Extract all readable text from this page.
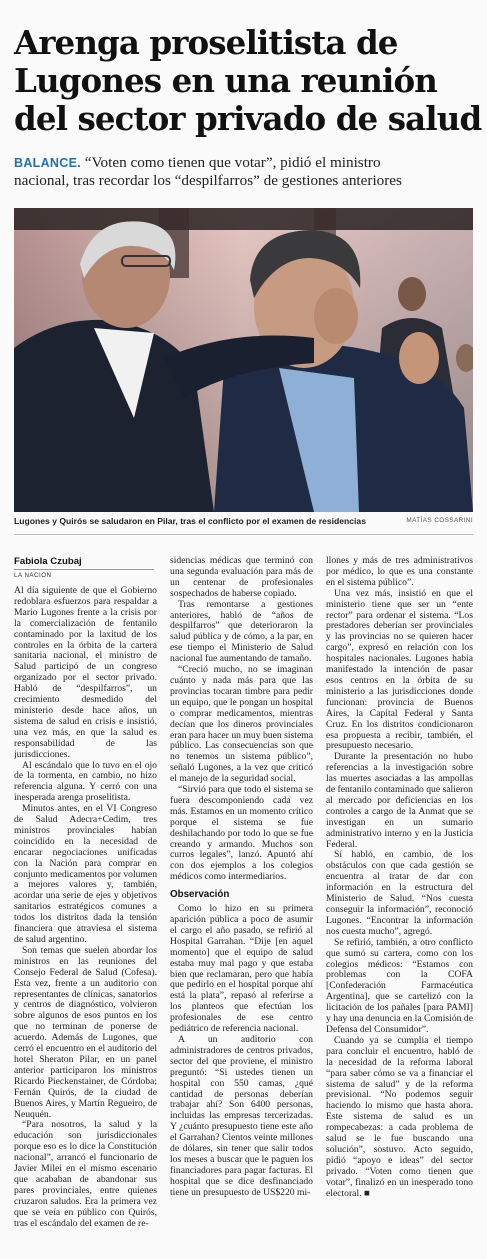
Arenga proselitista de
Lugones en una reunión
del sector privado de salud
BALANCE. “Voten como tienen que votar”, pidió el ministro
nacional, tras recordar los “despilfarros” de gestiones anteriores
Lugones y Quirós se saludaron en Pilar, tras el conflicto por el examen de residencias	MATÍAS COSSARINI
Fabiola Czubaj
LA NACION

Al día siguiente de que el Gobierno redoblara esfuerzos para respaldar a Mario Lugones frente a la crisis por la comercialización de fentanilo contaminado por la laxitud de los controles en la órbita de la cartera sanitaria nacional, el ministro de Salud participó de un congreso organizado por el sector privado. Habló de “despilfarros”, un crecimiento desmedido del ministerio desde hace años, un sistema de salud en crisis e insistió, una vez más, en que la salud es responsabilidad de las jurisdicciones.

Al escándalo que lo tuvo en el ojo de la tormenta, en cambio, no hizo referencia alguna. Y cerró con una inesperada arenga proselitista.

Minutos antes, en el VI Congreso de Salud Adecra+Cedim, tres ministros provinciales habían coincidido en la necesidad de encarar negociaciones unificadas con la Nación para comprar en conjunto medicamentos por volumen a mejores valores y, también, acordar una serie de ejes y objetivos sanitarios estratégicos comunes a todos los distritos dada la tensión financiera que atraviesa el sistema de salud argentino.

Son temas que suelen abordar los ministros en las reuniones del Consejo Federal de Salud (Cofesa). Esta vez, frente a un auditorio con representantes de clínicas, sanatorios y centros de diagnóstico, volvieron sobre algunos de esos puntos en los que no terminan de ponerse de acuerdo. Además de Lugones, que cerró el encuentro en el auditorio del hotel Sheraton Pilar, en un panel anterior participaron los ministros Ricardo Pieckenstainer, de Córdoba; Fernán Quirós, de la ciudad de Buenos Aires, y Martín Regueiro, de Neuquén.

“Para nosotros, la salud y la educación son jurisdiccionales porque eso es lo dice la Constitución nacional”, arrancó el funcionario de Javier Milei en el mismo escenario que acababan de abandonar sus pares provinciales, entre quienes cruzaron saludos. Era la primera vez que se veía en público con Quirós, tras el escándalo del examen de re-

sidencias médicas que terminó con una segunda evaluación para más de un centenar de profesionales sospechados de haberse copiado.

Tras remontarse a gestiones anteriores, habló de “años de despilfarros” que deterioraron la salud pública y de cómo, a la par, en ese tiempo el Ministerio de Salud nacional fue aumentando de tamaño.

“Creció mucho, no se imaginan cuánto y nada más para que las provincias tocaran timbre para pedir un equipo, que le pongan un hospital o comprar medicamentos, mientras decían que los dineros provinciales eran para hacer un muy buen sistema público. Las consecuencias son que no tenemos un sistema público”, señaló Lugones, a la vez que criticó el manejo de la seguridad social.

“Sirvió para que todo el sistema se fuera descomponiendo cada vez más. Estamos en un momento crítico porque el sistema se fue deshilachando por todo lo que se fue creando y armando. Muchos son curros legales”, lanzó. Apuntó ahí con dos ejemplos a los colegios médicos como intermediarios.

Observación

Como lo hizo en su primera aparición pública a poco de asumir el cargo el año pasado, se refirió al Hospital Garrahan. “Dije [en aquel momento] que el equipo de salud estaba muy mal pago y que estaba bien que reclamaran, pero que había que pedirlo en el hospital porque ahí está la plata”, repasó al referirse a los planteos que efectúan los profesionales de ese centro pediátrico de referencia nacional.

A un auditorio con administradores de centros privados, sector del que proviene, el ministro preguntó: “Si ustedes tienen un hospital con 550 camas, ¿qué cantidad de personas deberían trabajar ahí? Son 6400 personas, incluidas las empresas tercerizadas. Y ¿cuánto presupuesto tiene este año el Garrahan? Cientos veinte millones de dólares, sin tener que salir todos los meses a buscar que le paguen los financiadores para pagar facturas. El hospital que se dice desfinanciado tiene un presupuesto de US$220 mi-

llones y más de tres administrativos por médico, lo que es una constante en el sistema público”.

Una vez más, insistió en que el ministerio tiene que ser un “ente rector” para ordenar el sistema. “Los prestadores deberían ser provinciales y las provincias no se quieren hacer cargo”, expresó en relación con los hospitales nacionales. Lugones había manifestado la intención de pasar esos centros en la órbita de su ministerio a las jurisdicciones donde funcionan: provincia de Buenos Aires, la Capital Federal y Santa Cruz. En los distritos condicionaron esa propuesta a recibir, también, el presupuesto necesario.

Durante la presentación no hubo referencias a la investigación sobre las muertes asociadas a las ampollas de fentanilo contaminado que salieron al mercado por deficiencias en los controles a cargo de la Anmat que se investigan en un sumario administrativo interno y en la Justicia Federal.

Sí habló, en cambio, de los obstáculos con que cada gestión se encuentra al tratar de dar con información en la estructura del Ministerio de Salud. “Nos cuesta conseguir la información”, reconoció Lugones. “Encontrar la información nos cuesta mucho”, agregó.

Se refirió, también, a otro conflicto que sumó su cartera, como con los colegios médicos: “Estamos con problemas con la COFA [Confederación Farmacéutica Argentina], que se cartelizó con la licitación de los pañales [para PAMI] y hay una denuncia en la Comisión de Defensa del Consumidor”.

Cuando ya se cumplía el tiempo para concluir el encuentro, habló de la necesidad de la reforma laboral “para saber cómo se va a financiar el sistema de salud” y de la reforma previsional. “No podemos seguir haciendo lo mismo que hasta ahora. Este sistema de salud es un rompecabezas: a cada problema de salud se le fue buscando una solución”, sostuvo. Acto seguido, pidió “apoyo e ideas” del sector privado. “Voten como tienen que votar”, finalizó en un inesperado tono electoral. ■
